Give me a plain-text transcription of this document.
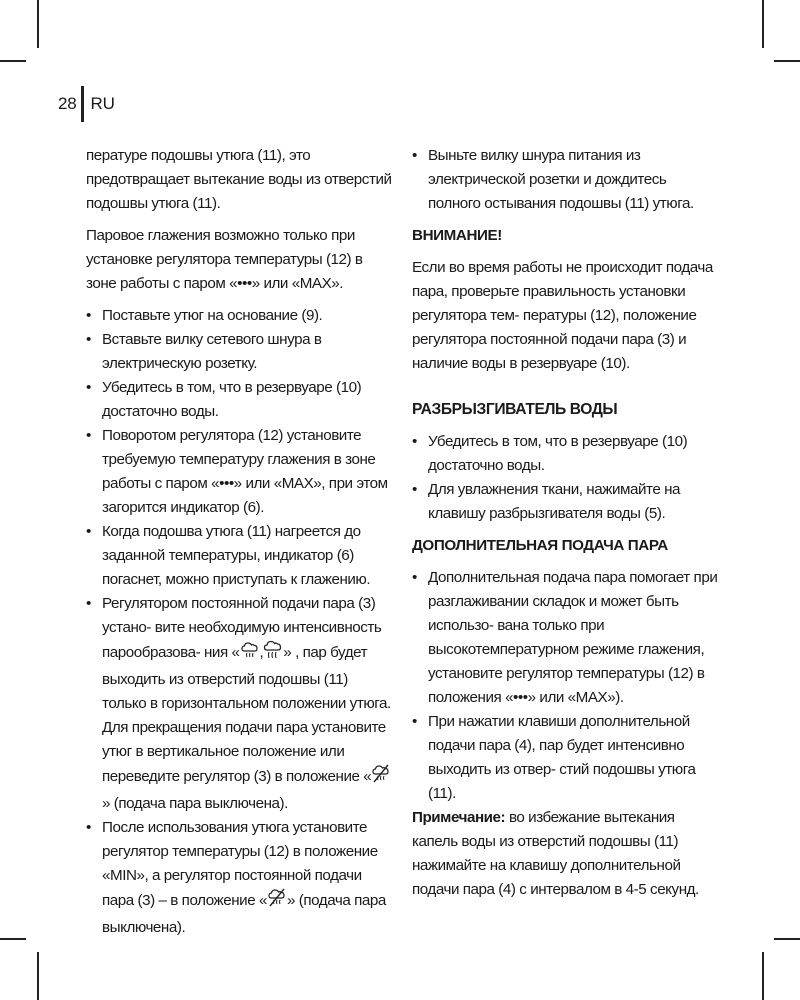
28 RU

пературе подошвы утюга (11), это предотвращает вытекание воды из отверстий подошвы утюга (11).

Паровое глажения возможно только при установке регулятора температуры (12) в зоне работы с паром «•••» или «MAX».

• Поставьте утюг на основание (9).
• Вставьте вилку сетевого шнура в электрическую розетку.
• Убедитесь в том, что в резервуаре (10) достаточно воды.
• Поворотом регулятора (12) установите требуемую температуру глажения в зоне работы с паром «•••» или «MAX», при этом загорится индикатор (6).
• Когда подошва утюга (11) нагреется до заданной температуры, индикатор (6) погаснет, можно приступать к глажению.
• Регулятором постоянной подачи пара (3) устано- вите необходимую интенсивность парообразова- ния « , » , пар будет выходить из отверстий подошвы (11) только в горизонтальном положении утюга. Для прекращения подачи пара установите утюг в вертикальное положение или переведите регулятор (3) в положение «» (подача пара выключена).
• После использования утюга установите регулятор температуры (12) в положение «MIN», а регулятор постоянной подачи пара (3) – в положение « » (подача пара выключена).
• Выньте вилку шнура питания из электрической розетки и дождитесь полного остывания подошвы (11) утюга.

ВНИМАНИЕ!

Если во время работы не происходит подача пара, проверьте правильность установки регулятора тем- пературы (12), положение регулятора постоянной подачи пара (3) и наличие воды в резервуаре (10).

РАЗБРЫЗГИВАТЕЛЬ ВОДЫ

• Убедитесь в том, что в резервуаре (10) достаточно воды.
• Для увлажнения ткани, нажимайте на клавишу разбрызгивателя воды (5).

ДОПОЛНИТЕЛЬНАЯ ПОДАЧА ПАРА

• Дополнительная подача пара помогает при разглаживании складок и может быть использо- вана только при высокотемпературном режиме глажения, установите регулятор температуры (12) в положения «•••» или «MAX»).
• При нажатии клавиши дополнительной подачи пара (4), пар будет интенсивно выходить из отвер- стий подошвы утюга (11).

Примечание: во избежание вытекания капель воды из отверстий подошвы (11) нажимайте на клавишу дополнительной подачи пара (4) с интервалом в 4-5 секунд.
